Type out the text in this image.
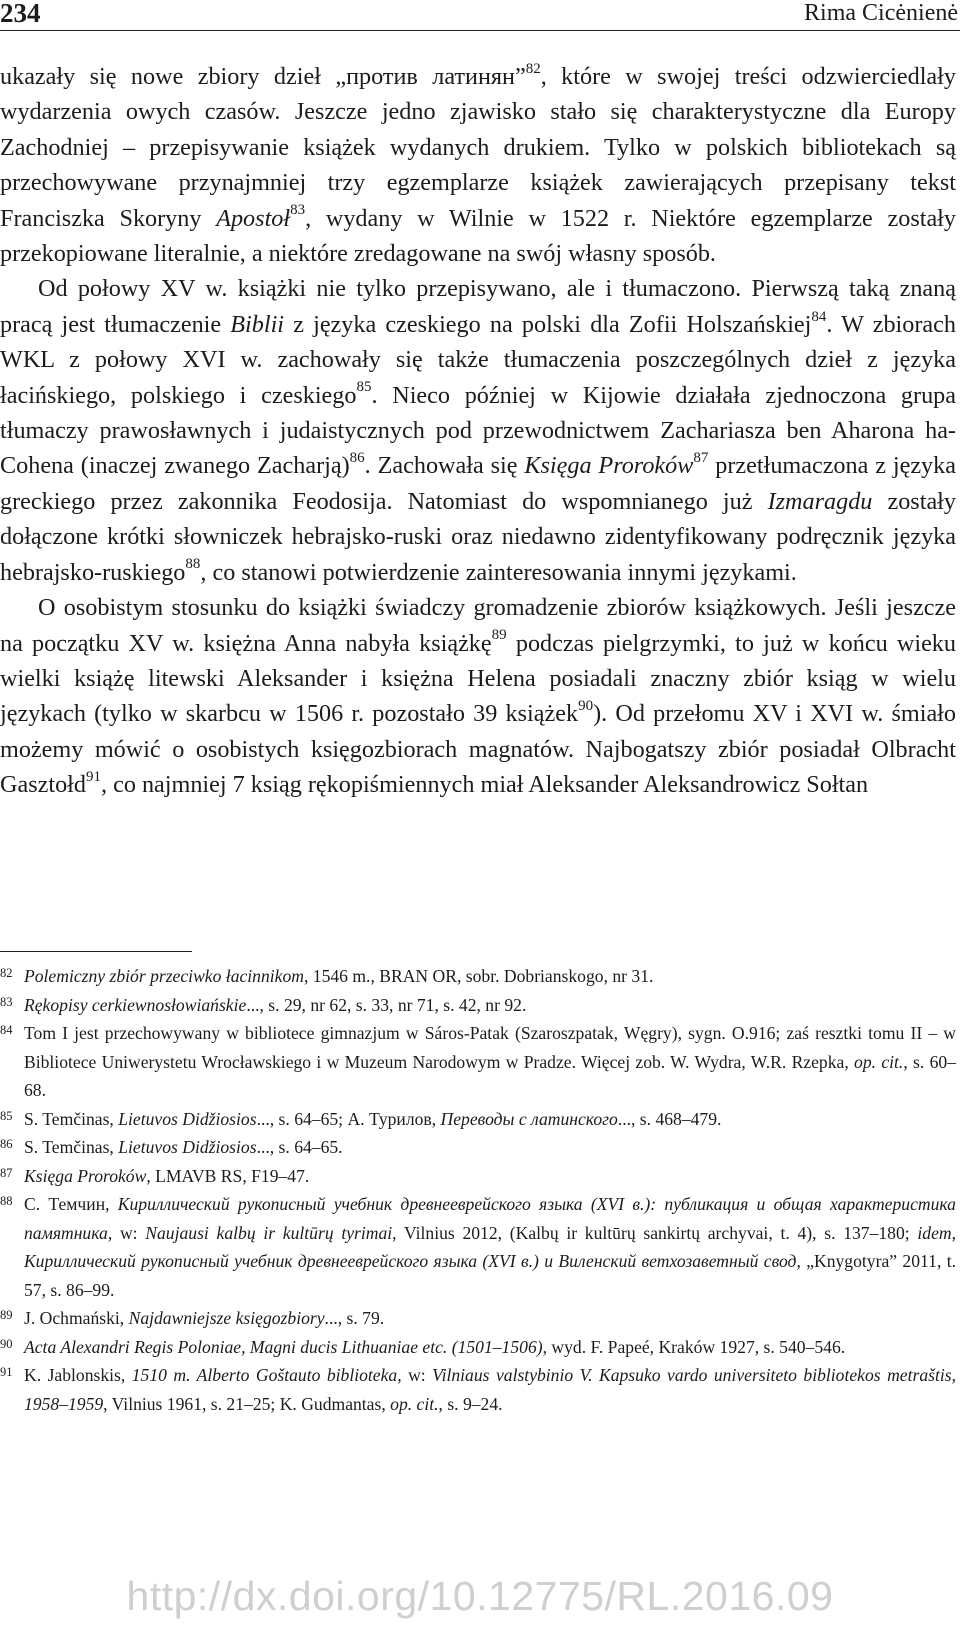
234	Rima Cicėnienė

ukazały się nowe zbiory dzieł „против латинян”$^{82}$, które w swojej treści odzwierciedlały wydarzenia owych czasów. Jeszcze jedno zjawisko stało się charakterystyczne dla Europy Zachodniej – przepisywanie książek wydanych drukiem. Tylko w polskich bibliotekach są przechowywane przynajmniej trzy egzemplarze książek zawierających przepisany tekst Franciszka Skoryny Apostoł$^{83}$, wydany w Wilnie w 1522 r. Niektóre egzemplarze zostały przekopiowane literalnie, a niektóre zredagowane na swój własny sposób.

Od połowy XV w. książki nie tylko przepisywano, ale i tłumaczono. Pierwszą taką znaną pracą jest tłumaczenie Biblii z języka czeskiego na polski dla Zofii Holszańskiej$^{84}$. W zbiorach WKL z połowy XVI w. zachowały się także tłumaczenia poszczególnych dzieł z języka łacińskiego, polskiego i czeskiego$^{85}$. Nieco później w Kijowie działała zjednoczona grupa tłumaczy prawosławnych i judaistycznych pod przewodnictwem Zachariasza ben Aharona ha-Cohena (inaczej zwanego Zacharją)$^{86}$. Zachowała się Księga Proroków$^{87}$ przetłumaczona z języka greckiego przez zakonnika Feodosija. Natomiast do wspomnianego już Izmaragdu zostały dołączone krótki słowniczek hebrajsko-ruski oraz niedawno zidentyfikowany podręcznik języka hebrajsko-ruskiego$^{88}$, co stanowi potwierdzenie zainteresowania innymi językami.

O osobistym stosunku do książki świadczy gromadzenie zbiorów książkowych. Jeśli jeszcze na początku XV w. księżna Anna nabyła książkę$^{89}$ podczas pielgrzymki, to już w końcu wieku wielki książę litewski Aleksander i księżna Helena posiadali znaczny zbiór ksiąg w wielu językach (tylko w skarbcu w 1506 r. pozostało 39 książek$^{90}$). Od przełomu XV i XVI w. śmiało możemy mówić o osobistych księgozbiorach magnatów. Najbogatszy zbiór posiadał Olbracht Gasztołd$^{91}$, co najmniej 7 ksiąg rękopiśmiennych miał Aleksander Aleksandrowicz Sołtan

82 Polemiczny zbiór przeciwko łacinnikom, 1546 m., BRAN OR, sobr. Dobrianskogo, nr 31.
83 Rękopisy cerkiewnosłowiańskie..., s. 29, nr 62, s. 33, nr 71, s. 42, nr 92.
84 Tom I jest przechowywany w bibliotece gimnazjum w Sáros-Patak (Szaroszpatak, Węgry), sygn. O.916; zaś resztki tomu II – w Bibliotece Uniwerystetu Wrocławskiego i w Muzeum Narodowym w Pradze. Więcej zob. W. Wydra, W.R. Rzepka, op. cit., s. 60–68.
85 S. Temčinas, Lietuvos Didžiosios..., s. 64–65; А. Турилов, Переводы с латинского..., s. 468–479.
86 S. Temčinas, Lietuvos Didžiosios..., s. 64–65.
87 Księga Proroków, LMAVB RS, F19–47.
88 С. Темчин, Кириллический рукописный учебник древнееврейского языка (XVI в.): публикация и общая характеристика памятника, w: Naujausi kalbų ir kultūrų tyrimai, Vilnius 2012, (Kalbų ir kultūrų sankirtų archyvai, t. 4), s. 137–180; idem, Кириллический рукописный учебник древнееврейского языка (XVI в.) и Виленский ветхозаветный свод, „Knygotyra” 2011, t. 57, s. 86–99.
89 J. Ochmański, Najdawniejsze księgozbiory..., s. 79.
90 Acta Alexandri Regis Poloniae, Magni ducis Lithuaniae etc. (1501–1506), wyd. F. Papeé, Kraków 1927, s. 540–546.
91 K. Jablonskis, 1510 m. Alberto Goštauto biblioteka, w: Vilniaus valstybinio V. Kapsuko vardo universiteto bibliotekos metraštis, 1958–1959, Vilnius 1961, s. 21–25; K. Gudmantas, op. cit., s. 9–24.
http://dx.doi.org/10.12775/RL.2016.09
